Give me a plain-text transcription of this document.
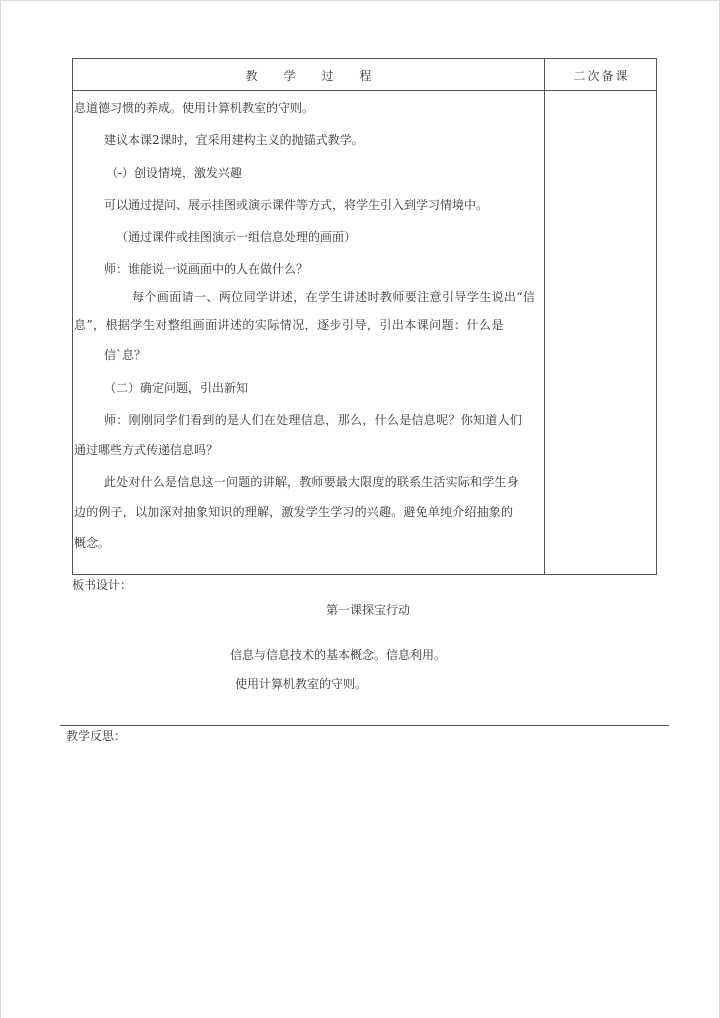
教学过程	二次备课
息道德习惯的养成。使用计算机教室的守则。
建议本课2课时，宜采用建构主义的抛锚式教学。
（-）创设情境，激发兴趣
可以通过提问、展示挂图或演示课件等方式，将学生引入到学习情境中。
（通过课件或挂图演示一组信息处理的画面）
师：谁能说一说画面中的人在做什么？
每个画面请一、两位同学讲述，在学生讲述时教师要注意引导学生说出“信
息”，根据学生对整组画面讲述的实际情况，逐步引导，引出本课问题：什么是
信`息？
（二）确定问题，引出新知
师：刚刚同学们看到的是人们在处理信息，那么，什么是信息呢？你知道人们
通过哪些方式传递信息吗？
此处对什么是信息这一问题的讲解，教师要最大限度的联系生活实际和学生身
边的例子，以加深对抽象知识的理解，激发学生学习的兴趣。避免单纯介绍抽象的
概念。
板书设计：
第一课探宝行动
信息与信息技术的基本概念。信息利用。
使用计算机教室的守则。
教学反思：
